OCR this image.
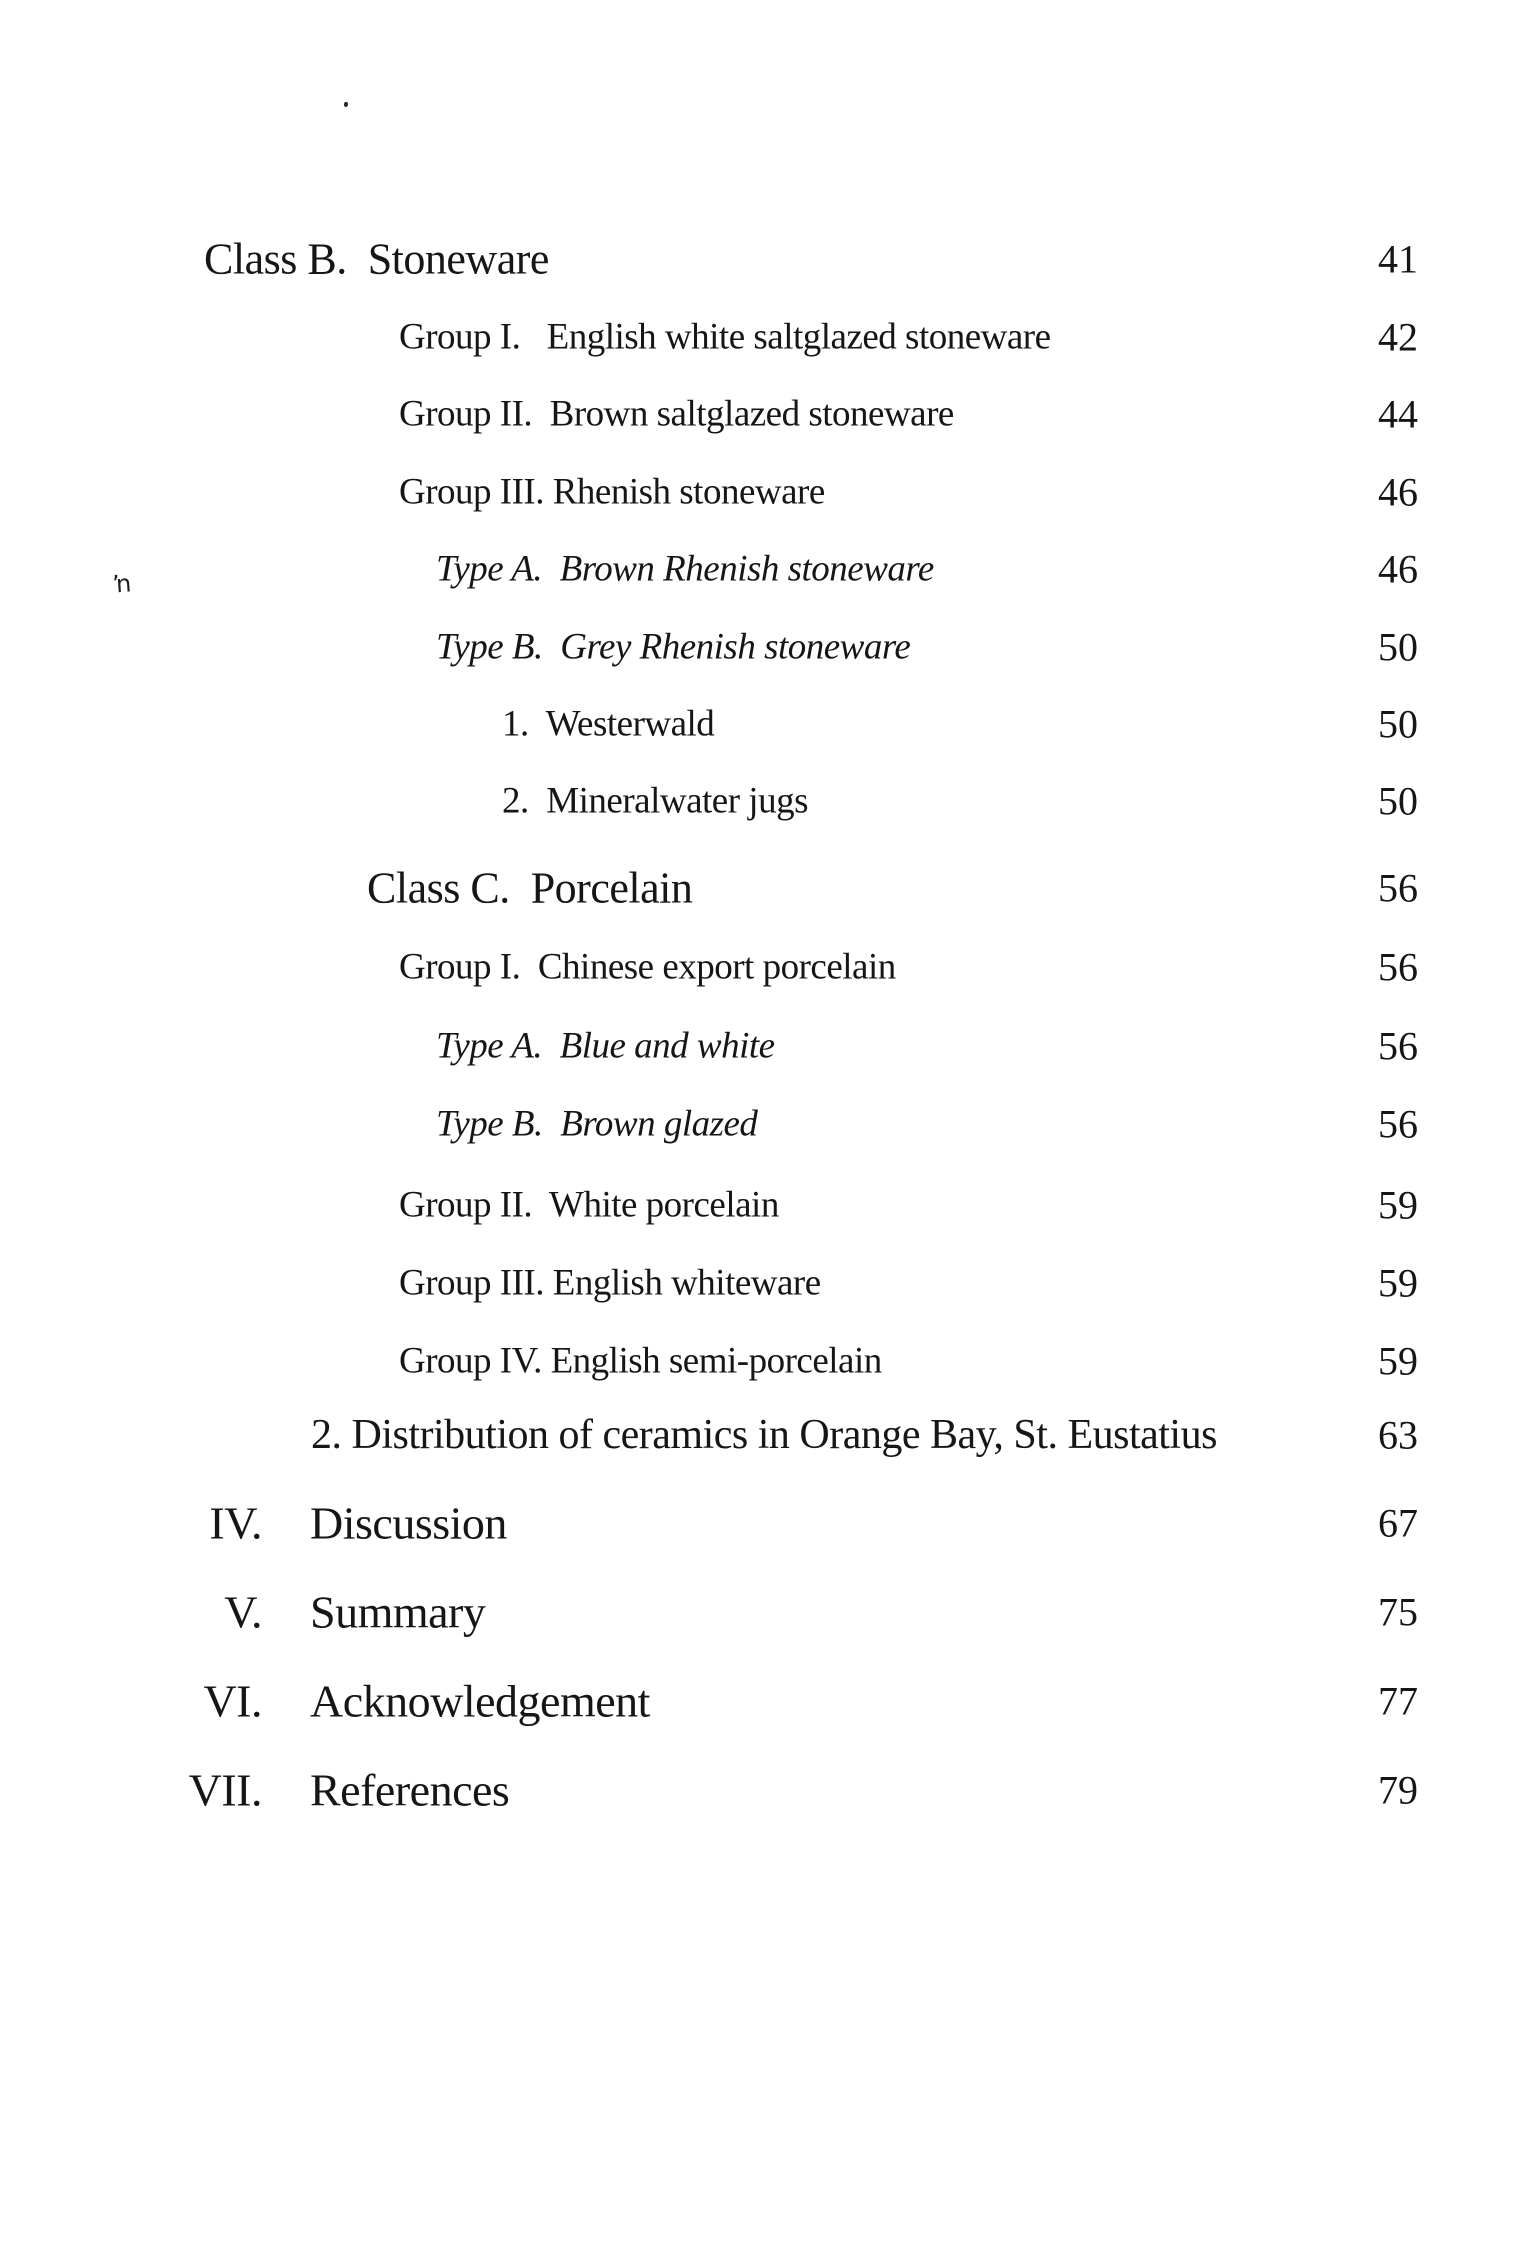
ŉ
Class B.  Stoneware	41
Group I.   English white saltglazed stoneware	42
Group II.  Brown saltglazed stoneware	44
Group III. Rhenish stoneware	46
Type A.  Brown Rhenish stoneware	46
Type B.  Grey Rhenish stoneware	50
1.  Westerwald	50
2.  Mineralwater jugs	50
Class C.  Porcelain	56
Group I.  Chinese export porcelain	56
Type A.  Blue and white	56
Type B.  Brown glazed	56
Group II.  White porcelain	59
Group III. English whiteware	59
Group IV. English semi-porcelain	59
2. Distribution of ceramics in Orange Bay, St. Eustatius	63
IV. Discussion	67
V. Summary	75
VI. Acknowledgement	77
VII. References	79
